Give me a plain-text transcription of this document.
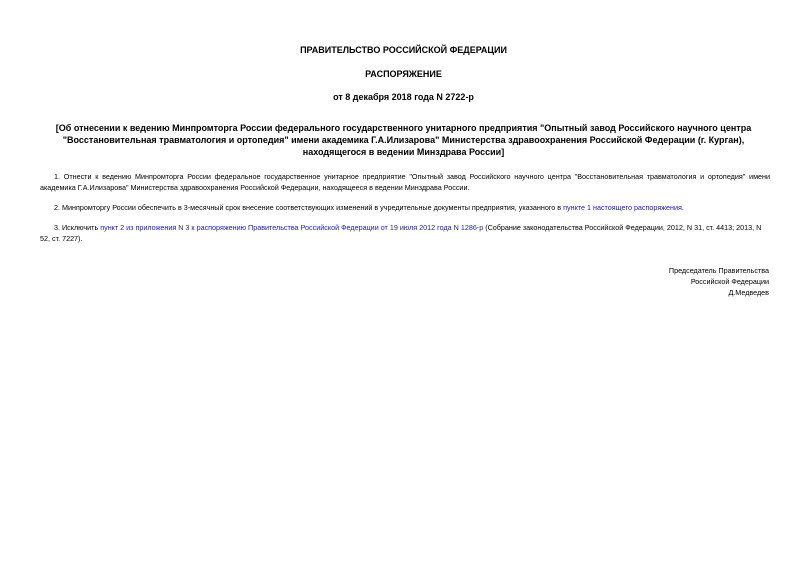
ПРАВИТЕЛЬСТВО РОССИЙСКОЙ ФЕДЕРАЦИИ
РАСПОРЯЖЕНИЕ
от 8 декабря 2018 года N 2722-р
[Об отнесении к ведению Минпромторга России федерального государственного унитарного предприятия "Опытный завод Российского научного центра
"Восстановительная травматология и ортопедия" имени академика Г.А.Илизарова" Министерства здравоохранения Российской Федерации (г. Курган),
находящегося в ведении Минздрава России]
1. Отнести к ведению Минпромторга России федеральное государственное унитарное предприятие "Опытный завод Российского научного центра "Восстановительная травматология и ортопедия" имени
академика Г.А.Илизарова" Министерства здравоохранения Российской Федерации, находящееся в ведении Минздрава России.
2. Минпромторгу России обеспечить в 3-месячный срок внесение соответствующих изменений в учредительные документы предприятия, указанного в пункте 1 настоящего распоряжения.
3. Исключить пункт 2 из приложения N 3 к распоряжению Правительства Российской Федерации от 19 июля 2012 года N 1286-р (Собрание законодательства Российской Федерации, 2012, N 31, ст. 4413; 2013, N
52, ст. 7227).
Председатель Правительства
Российской Федерации
Д.Медведев
